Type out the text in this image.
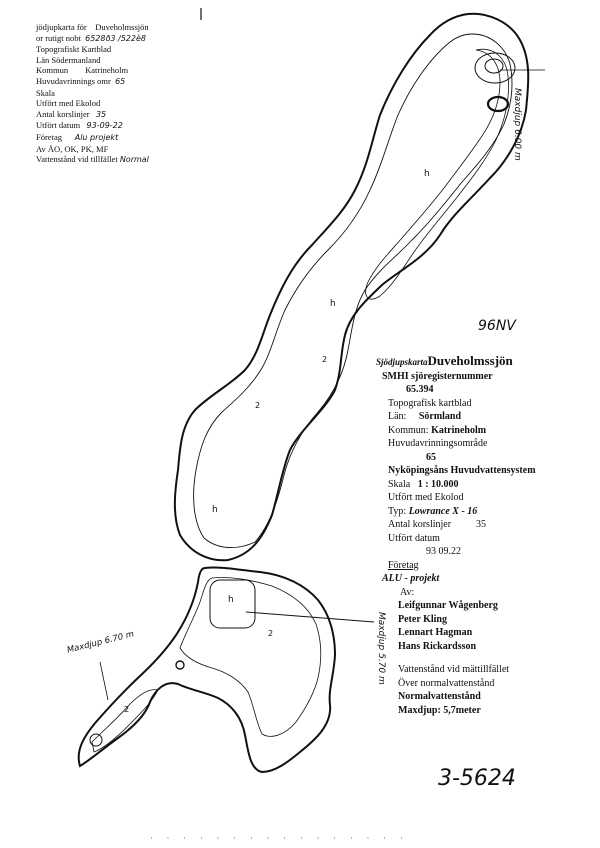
h
h
2
2
h
h
2
2
jödjupkarta för Duveholmssjön
or rutigt nobt 6528ð3 /522è8
Topografiskt Kartblad
Län Södermanland
Kommun Katrineholm
Huvudavrinnings omr 65
Skala
Utfört med Ekolod
Antal korslinjer 35
Utfört datum 93-09-22
Företag Alu projekt
Av ÅO, OK, PK, MF
Vattenstånd vid tillfället Normal
96NV
3-5624
Maxdjup 6.00 m
Maxdjup 5.70 m
Maxdjup 6.70 m
SjödjupskartaDuveholmssjön
SMHI sjöregisternummer
65.394
Topografisk kartblad
Län: Sörmland
Kommun: Katrineholm
Huvudavrinningsområde
65
Nyköpingsåns Huvudvattensystem
Skala 1 : 10.000
Utfört med Ekolod
Typ: Lowrance X - 16
Antal korslinjer	35
Utfört datum
93 09.22
Företag
ALU - projekt
Av:
Leifgunnar Wågenberg
Peter Kling
Lennart Hagman
Hans Rickardsson
Vattenstånd vid mättillfället
Över normalvattenstånd
Normalvattenstånd
Maxdjup: 5,7meter
· · · · · · · · · · · · · · · ·
